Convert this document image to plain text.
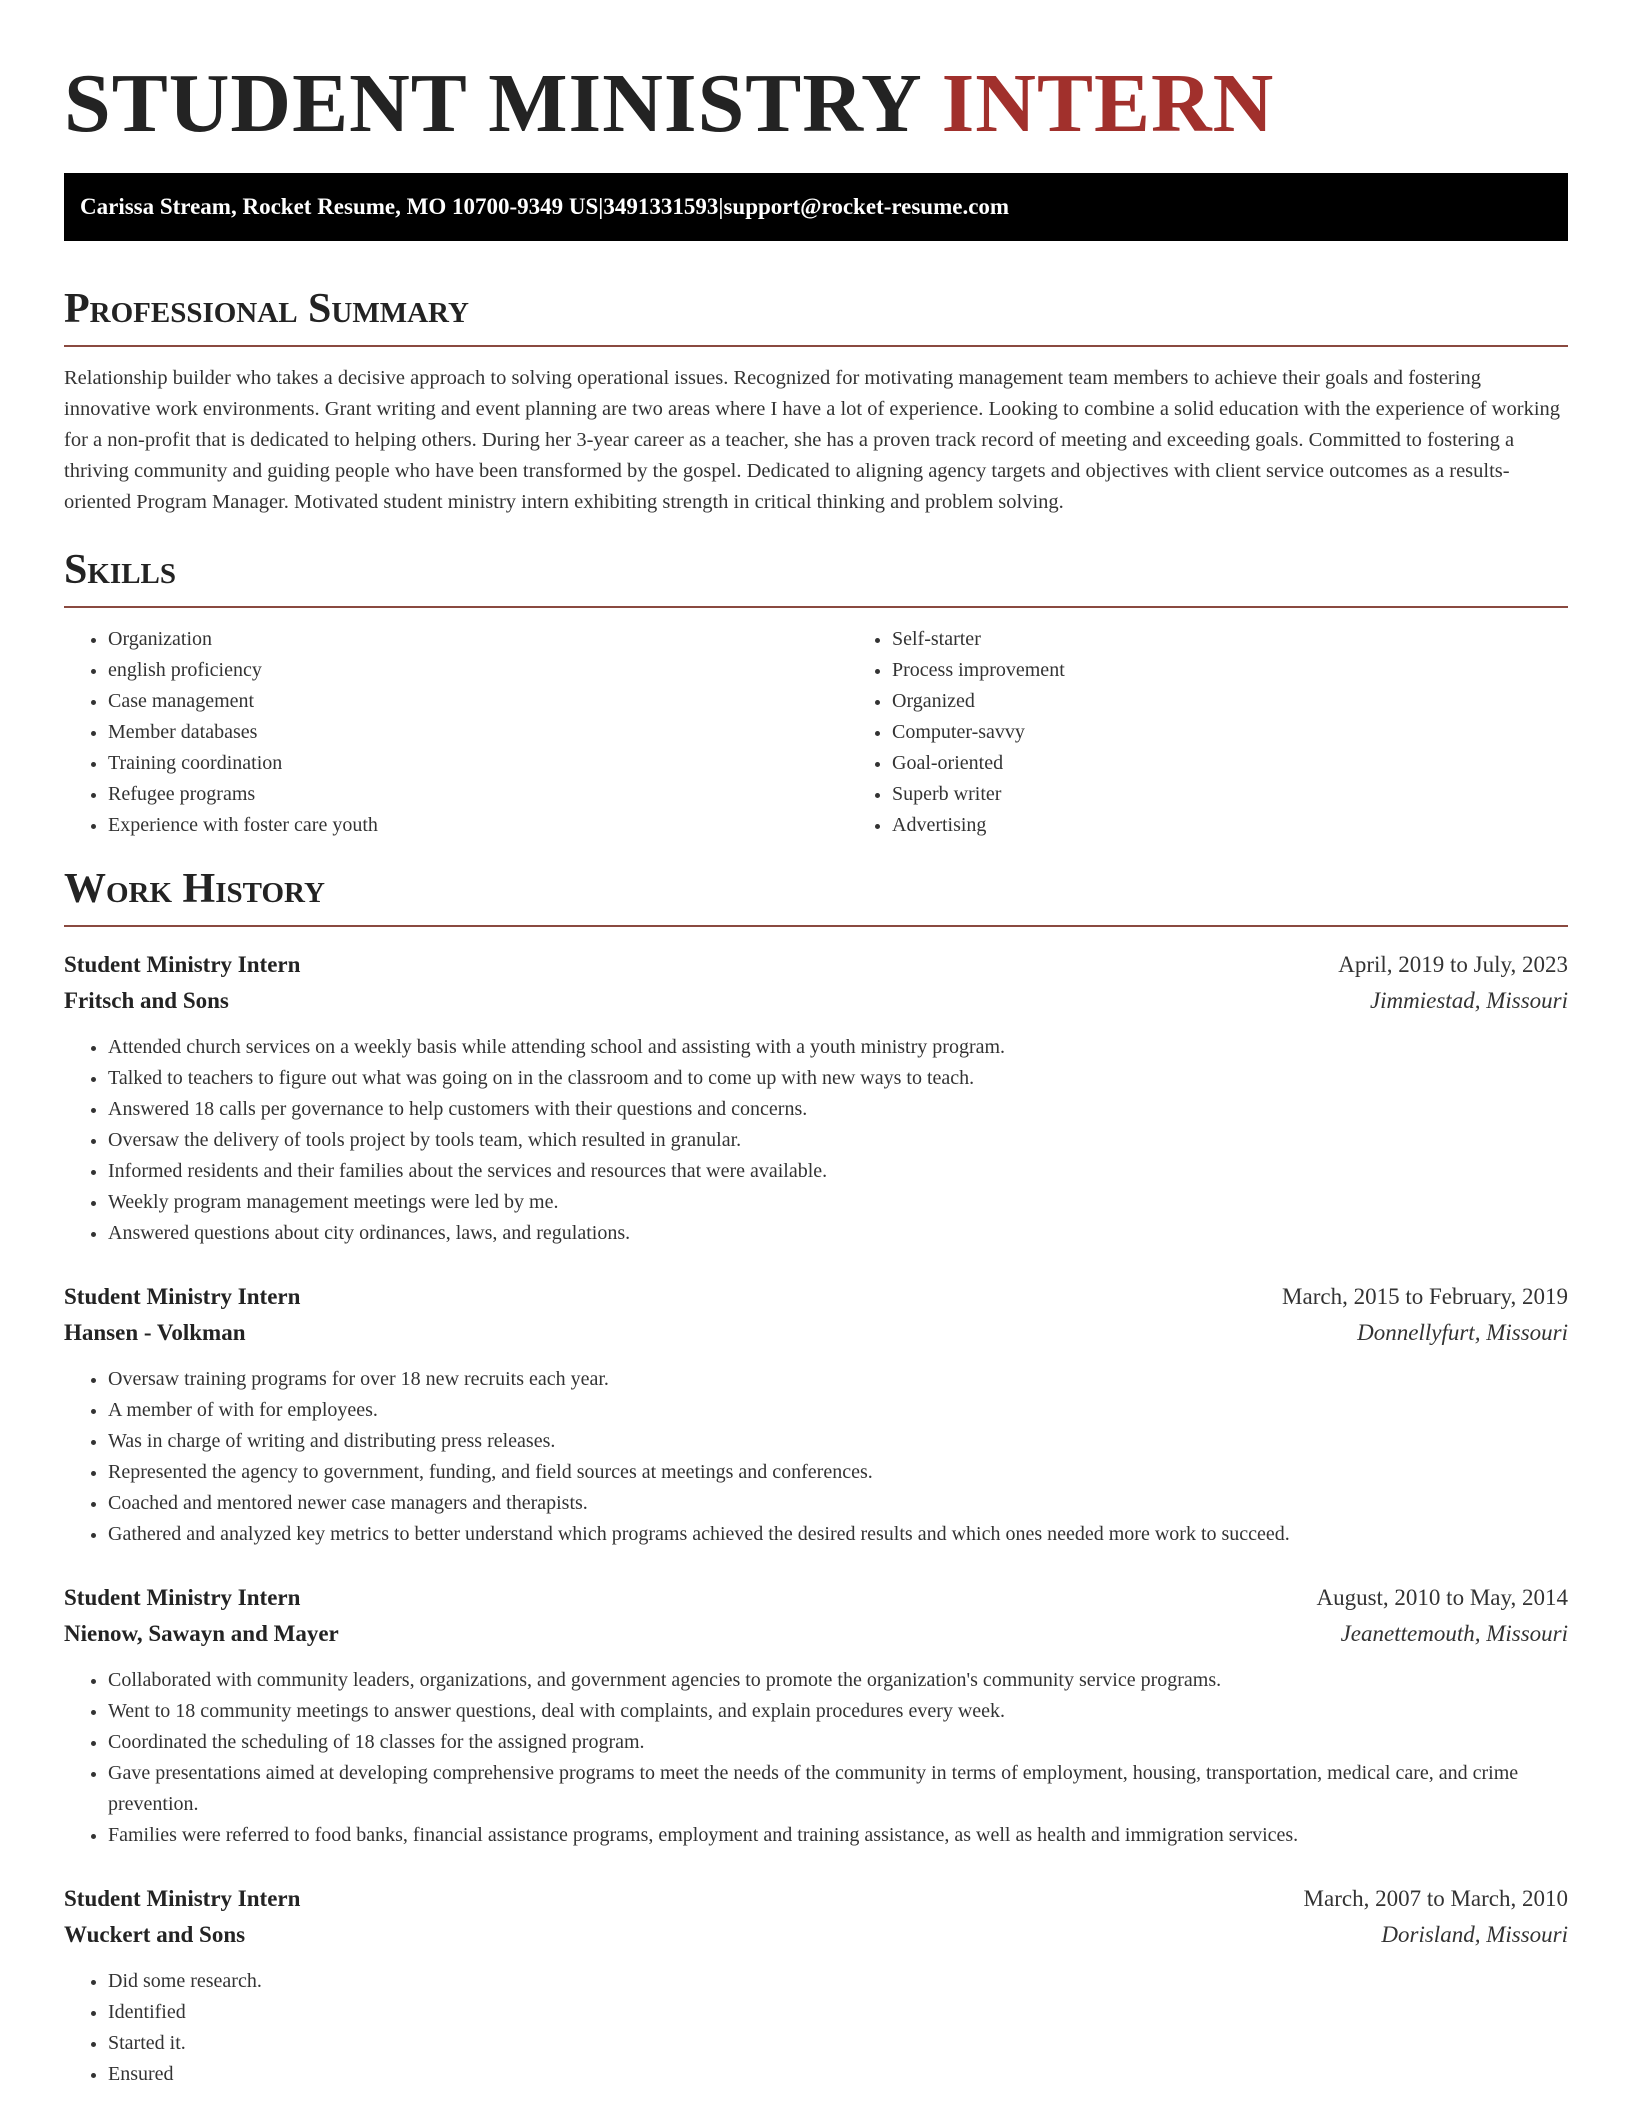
STUDENT MINISTRY INTERN
Carissa Stream, Rocket Resume, MO 10700-9349 US | 3491331593 | support@rocket-resume.com
Professional Summary

Relationship builder who takes a decisive approach to solving operational issues. Recognized for motivating management team members to achieve their goals and fostering innovative work environments. Grant writing and event planning are two areas where I have a lot of experience. Looking to combine a solid education with the experience of working for a non-profit that is dedicated to helping others. During her 3-year career as a teacher, she has a proven track record of meeting and exceeding goals. Committed to fostering a thriving community and guiding people who have been transformed by the gospel. Dedicated to aligning agency targets and objectives with client service outcomes as a results-oriented Program Manager. Motivated student ministry intern exhibiting strength in critical thinking and problem solving.

Skills
• Organization
• english proficiency
• Case management
• Member databases
• Training coordination
• Refugee programs
• Experience with foster care youth
• Self-starter
• Process improvement
• Organized
• Computer-savvy
• Goal-oriented
• Superb writer
• Advertising
Work History
Student Ministry Intern	April, 2019 to July, 2023
Fritsch and Sons	Jimmiestad, Missouri
• Attended church services on a weekly basis while attending school and assisting with a youth ministry program.
• Talked to teachers to figure out what was going on in the classroom and to come up with new ways to teach.
• Answered 18 calls per governance to help customers with their questions and concerns.
• Oversaw the delivery of tools project by tools team, which resulted in granular.
• Informed residents and their families about the services and resources that were available.
• Weekly program management meetings were led by me.
• Answered questions about city ordinances, laws, and regulations.
Student Ministry Intern	March, 2015 to February, 2019
Hansen - Volkman	Donnellyfurt, Missouri
• Oversaw training programs for over 18 new recruits each year.
• A member of with for employees.
• Was in charge of writing and distributing press releases.
• Represented the agency to government, funding, and field sources at meetings and conferences.
• Coached and mentored newer case managers and therapists.
• Gathered and analyzed key metrics to better understand which programs achieved the desired results and which ones needed more work to succeed.
Student Ministry Intern	August, 2010 to May, 2014
Nienow, Sawayn and Mayer	Jeanettemouth, Missouri
• Collaborated with community leaders, organizations, and government agencies to promote the organization's community service programs.
• Went to 18 community meetings to answer questions, deal with complaints, and explain procedures every week.
• Coordinated the scheduling of 18 classes for the assigned program.
• Gave presentations aimed at developing comprehensive programs to meet the needs of the community in terms of employment, housing, transportation, medical care, and crime prevention.
• Families were referred to food banks, financial assistance programs, employment and training assistance, as well as health and immigration services.
Student Ministry Intern	March, 2007 to March, 2010
Wuckert and Sons	Dorisland, Missouri
• Did some research.
• Identified
• Started it.
• Ensured
